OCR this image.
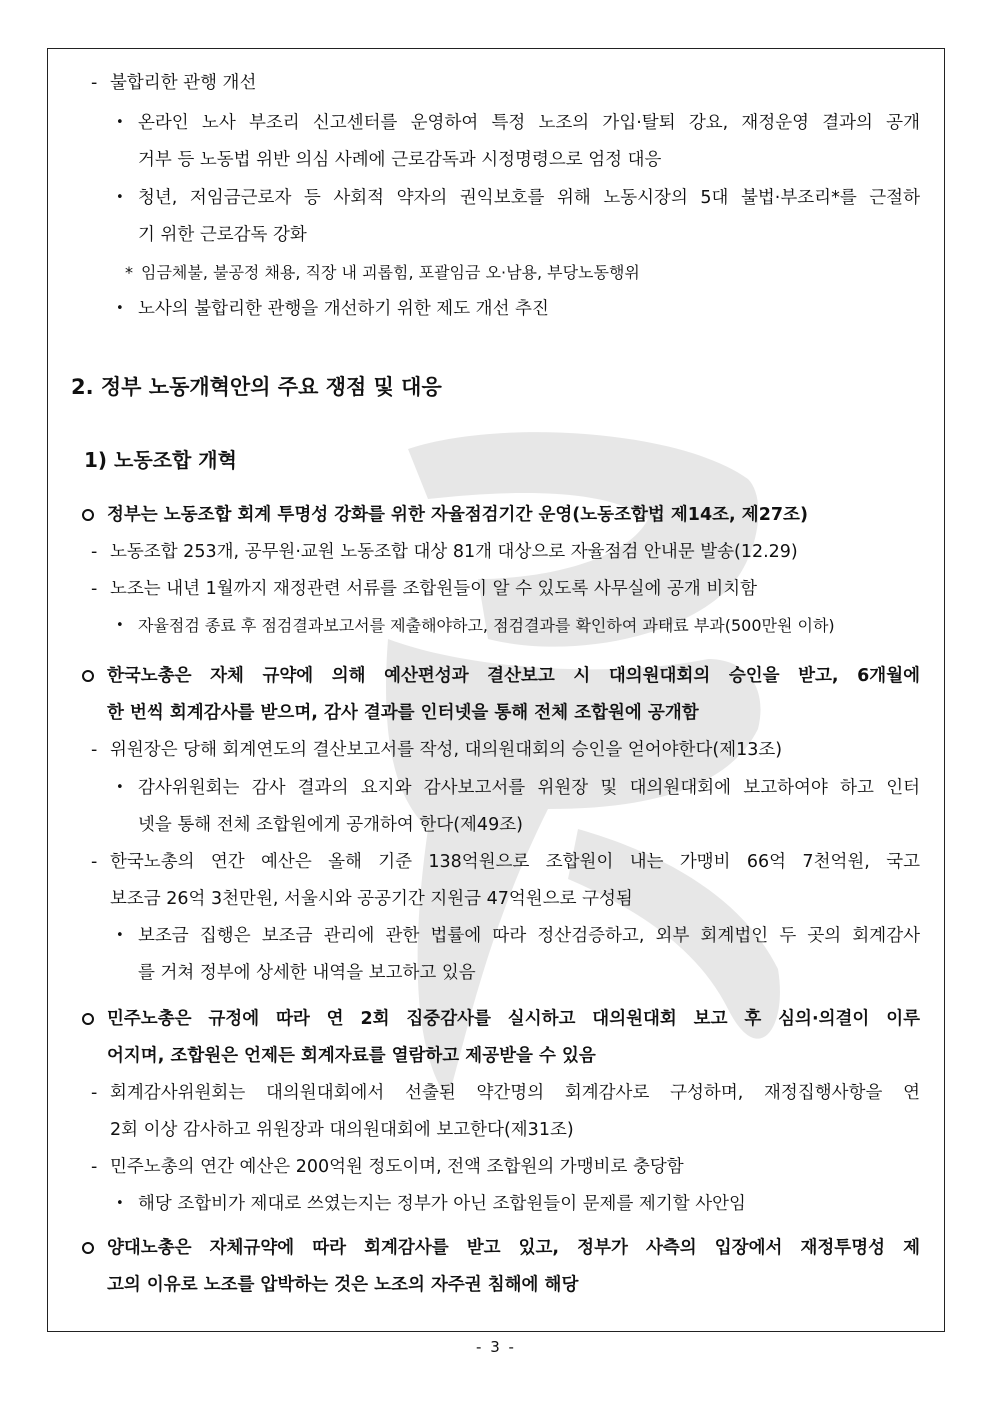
- 불합리한 관행 개선
• 온라인 노사 부조리 신고센터를 운영하여 특정 노조의 가입·탈퇴 강요, 재정운영 결과의 공개
거부 등 노동법 위반 의심 사례에 근로감독과 시정명령으로 엄정 대응
• 청년, 저임금근로자 등 사회적 약자의 권익보호를 위해 노동시장의 5대 불법·부조리*를 근절하
기 위한 근로감독 강화
* 임금체불, 불공정 채용, 직장 내 괴롭힘, 포괄임금 오·남용, 부당노동행위
• 노사의 불합리한 관행을 개선하기 위한 제도 개선 추진
2. 정부 노동개혁안의 주요 쟁점 및 대응
1) 노동조합 개혁
정부는 노동조합 회계 투명성 강화를 위한 자율점검기간 운영(노동조합법 제14조, 제27조)
- 노동조합 253개, 공무원·교원 노동조합 대상 81개 대상으로 자율점검 안내문 발송(12.29)
- 노조는 내년 1월까지 재정관련 서류를 조합원들이 알 수 있도록 사무실에 공개 비치함
• 자율점검 종료 후 점검결과보고서를 제출해야하고, 점검결과를 확인하여 과태료 부과(500만원 이하)
한국노총은 자체 규약에 의해 예산편성과 결산보고 시 대의원대회의 승인을 받고, 6개월에
한 번씩 회계감사를 받으며, 감사 결과를 인터넷을 통해 전체 조합원에 공개함
- 위원장은 당해 회계연도의 결산보고서를 작성, 대의원대회의 승인을 얻어야한다(제13조)
• 감사위원회는 감사 결과의 요지와 감사보고서를 위원장 및 대의원대회에 보고하여야 하고 인터
넷을 통해 전체 조합원에게 공개하여 한다(제49조)
- 한국노총의 연간 예산은 올해 기준 138억원으로 조합원이 내는 가맹비 66억 7천억원, 국고
보조금 26억 3천만원, 서울시와 공공기간 지원금 47억원으로 구성됨
• 보조금 집행은 보조금 관리에 관한 법률에 따라 정산검증하고, 외부 회계법인 두 곳의 회계감사
를 거쳐 정부에 상세한 내역을 보고하고 있음
민주노총은 규정에 따라 연 2회 집중감사를 실시하고 대의원대회 보고 후 심의·의결이 이루
어지며, 조합원은 언제든 회계자료를 열람하고 제공받을 수 있음
- 회계감사위원회는 대의원대회에서 선출된 약간명의 회계감사로 구성하며, 재정집행사항을 연
2회 이상 감사하고 위원장과 대의원대회에 보고한다(제31조)
- 민주노총의 연간 예산은 200억원 정도이며, 전액 조합원의 가맹비로 충당함
• 해당 조합비가 제대로 쓰였는지는 정부가 아닌 조합원들이 문제를 제기할 사안임
양대노총은 자체규약에 따라 회계감사를 받고 있고, 정부가 사측의 입장에서 재정투명성 제
고의 이유로 노조를 압박하는 것은 노조의 자주권 침해에 해당
- 3 -
